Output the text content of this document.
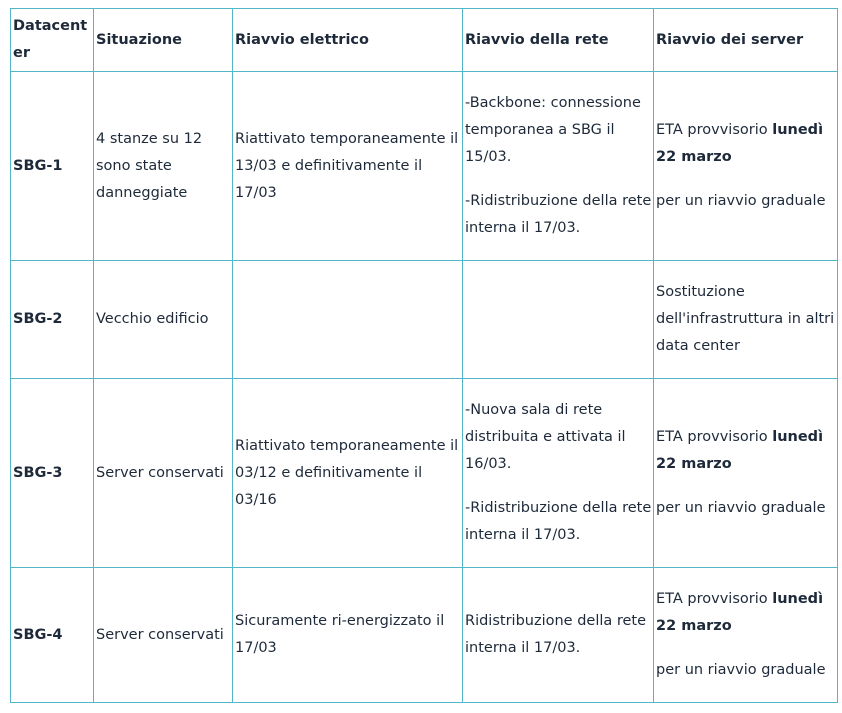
Datacenter	Situazione	Riavvio elettrico	Riavvio della rete	Riavvio dei server
SBG-1	4 stanze su 12 sono state danneggiate	Riattivato temporaneamente il 13/03 e definitivamente il 17/03	-Backbone: connessione temporanea a SBG il 15/03.
-Ridistribuzione della rete interna il 17/03.	ETA provvisorio lunedì 22 marzo
per un riavvio graduale

SBG-2	Vecchio edificio			Sostituzione dell'infrastruttura in altri data center
SBG-3	Server conservati	Riattivato temporaneamente il 03/12 e definitivamente il 03/16	-Nuova sala di rete distribuita e attivata il 16/03.
-Ridistribuzione della rete interna il 17/03.	ETA provvisorio lunedì 22 marzo
per un riavvio graduale

SBG-4	Server conservati	Sicuramente ri-energizzato il 17/03	Ridistribuzione della rete interna il 17/03.	ETA provvisorio lunedì 22 marzo
per un riavvio graduale
